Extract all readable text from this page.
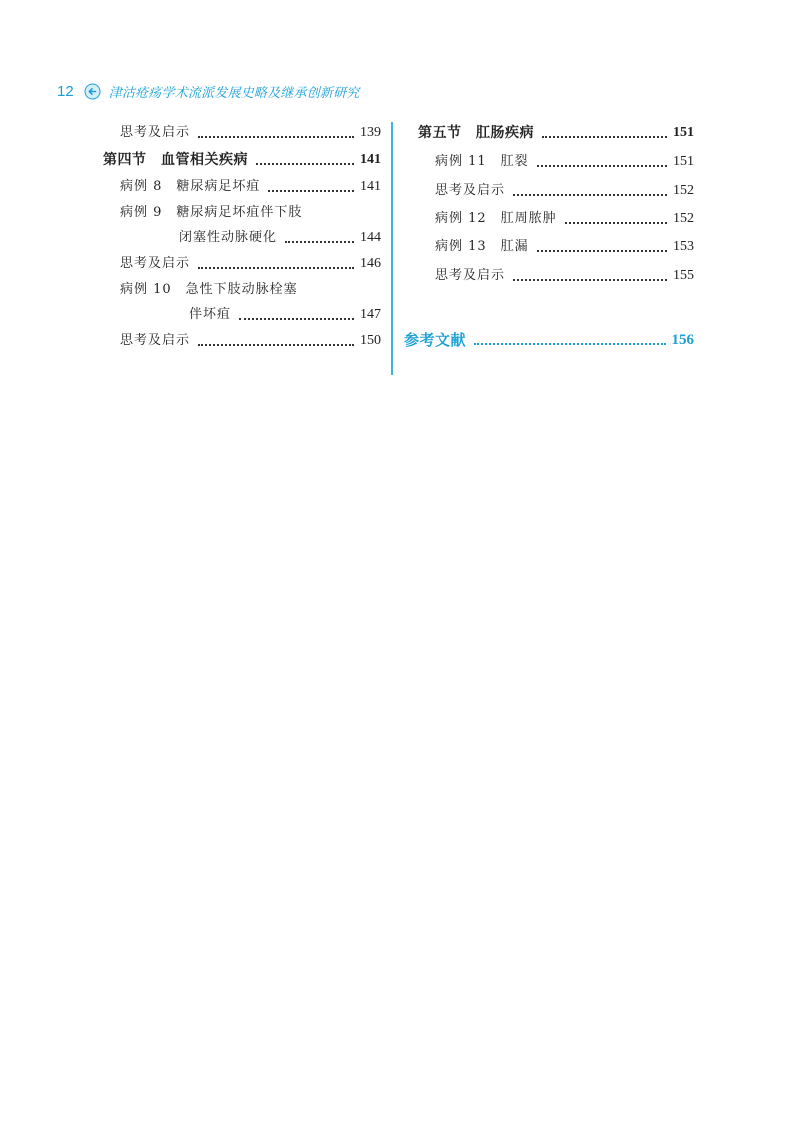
12	津沽疮疡学术流派发展史略及继承创新研究
思考及启示	139
第四节　血管相关疾病	141
病例 8　糖尿病足坏疽	141
病例 9　糖尿病足坏疽伴下肢
闭塞性动脉硬化	144
思考及启示	146
病例 10　急性下肢动脉栓塞
伴坏疽	147
思考及启示	150
第五节　肛肠疾病	151
病例 11　肛裂	151
思考及启示	152
病例 12　肛周脓肿	152
病例 13　肛漏	153
思考及启示	155
参考文献	156
